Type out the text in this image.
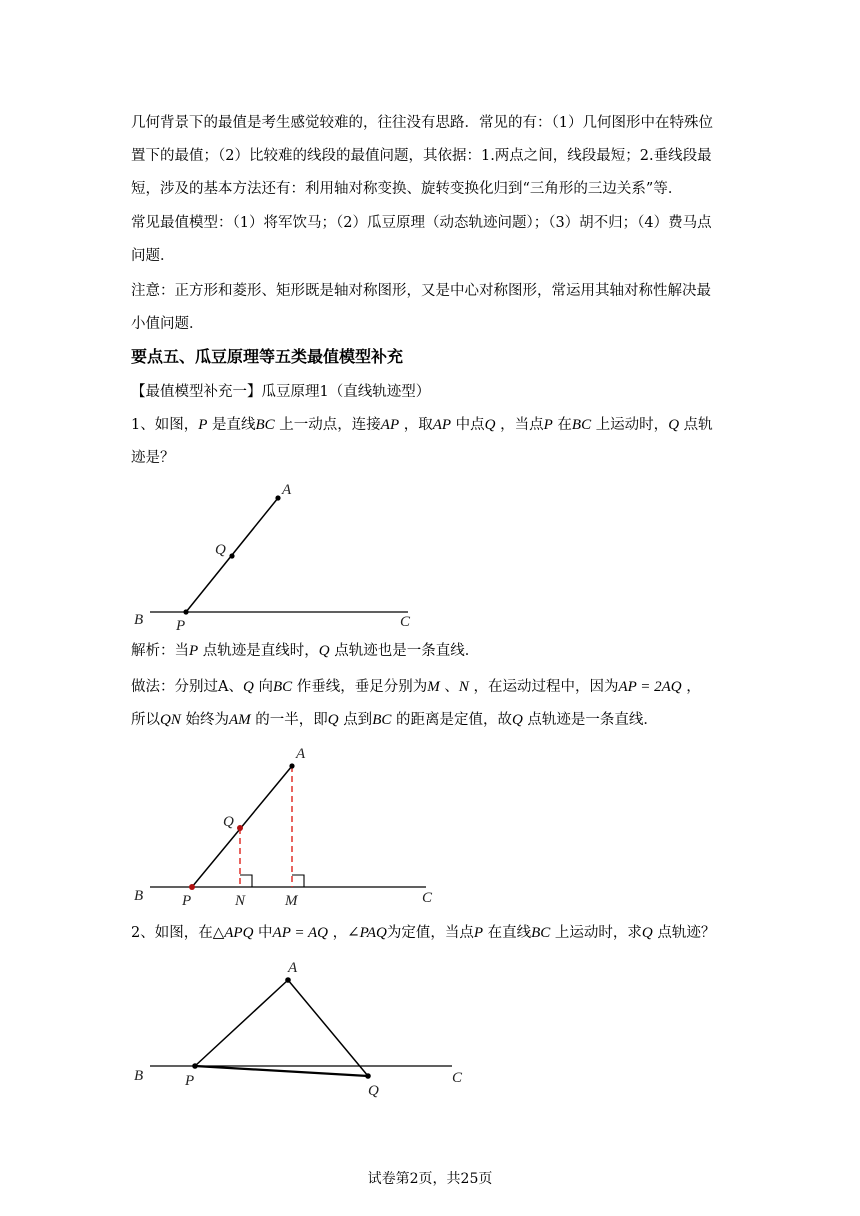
几何背景下的最值是考生感觉较难的，往往没有思路．常见的有：（1）几何图形中在特殊位

置下的最值；（2）比较难的线段的最值问题，其依据：1.两点之间，线段最短；2.垂线段最

短，涉及的基本方法还有：利用轴对称变换、旋转变换化归到“三角形的三边关系”等．

常见最值模型：（1）将军饮马；（2）瓜豆原理（动态轨迹问题）；（3）胡不归；（4）费马点

问题．

注意：正方形和菱形、矩形既是轴对称图形，又是中心对称图形，常运用其轴对称性解决最

小值问题．

要点五、瓜豆原理等五类最值模型补充

【最值模型补充一】瓜豆原理1（直线轨迹型）

1、如图，P 是直线BC 上一动点，连接AP ，取AP 中点Q ，当点P 在BC 上运动时，Q 点轨

迹是？

A
Q
B P	C

解析：当P 点轨迹是直线时，Q 点轨迹也是一条直线．

做法：分别过A、Q 向BC 作垂线，垂足分别为M 、N ，在运动过程中，因为AP = 2AQ ，

所以QN 始终为AM 的一半，即Q 点到BC 的距离是定值，故Q 点轨迹是一条直线．

A
Q
B	P	N	M	C

2、如图，在△APQ 中AP = AQ ，∠PAQ为定值，当点P 在直线BC 上运动时，求Q 点轨迹？

A
B	P
Q
C

试卷第2页，共25页
